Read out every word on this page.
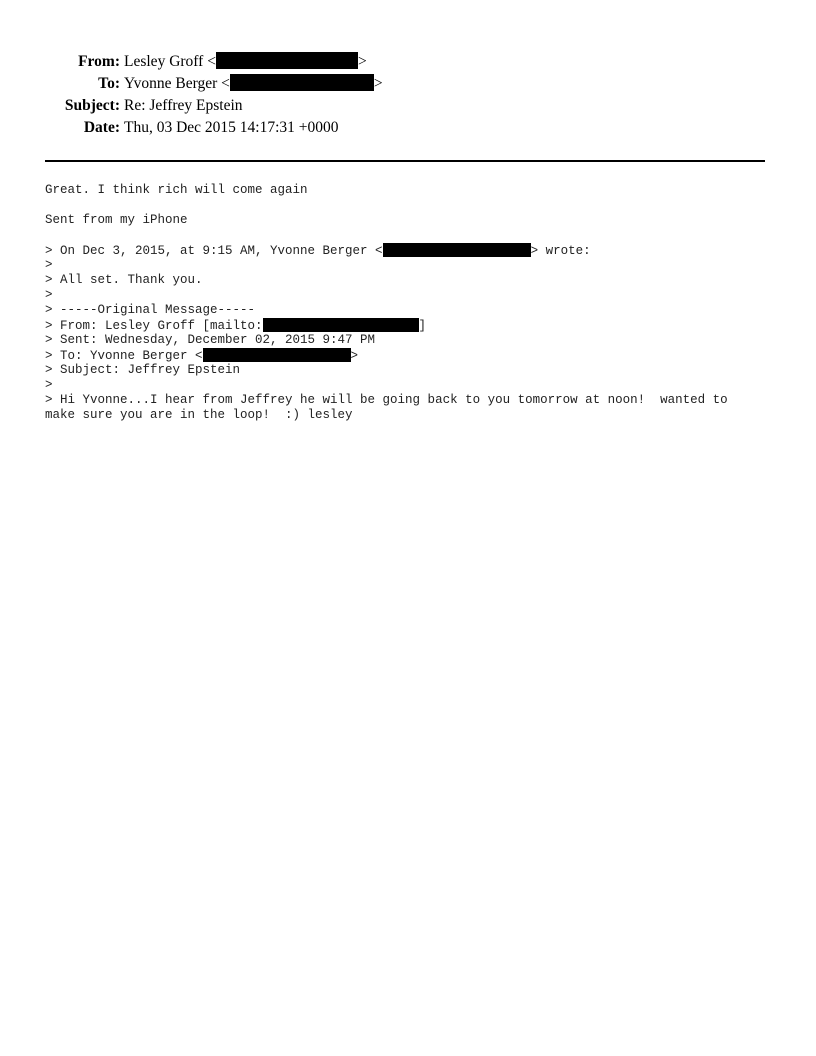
From: Lesley Groff <	>
To: Yvonne Berger <	>
Subject: Re: Jeffrey Epstein
Date: Thu, 03 Dec 2015 14:17:31 +0000
Great. I think rich will come again
Sent from my iPhone
> On Dec 3, 2015, at 9:15 AM, Yvonne Berger <	> wrote:
>
> All set. Thank you.
>
> -----Original Message-----
> From: Lesley Groff [mailto:	]
> Sent: Wednesday, December 02, 2015 9:47 PM
> To: Yvonne Berger <	>
> Subject: Jeffrey Epstein
>
> Hi Yvonne...I hear from Jeffrey he will be going back to you tomorrow at noon!  wanted to
make sure you are in the loop!  :) lesley
